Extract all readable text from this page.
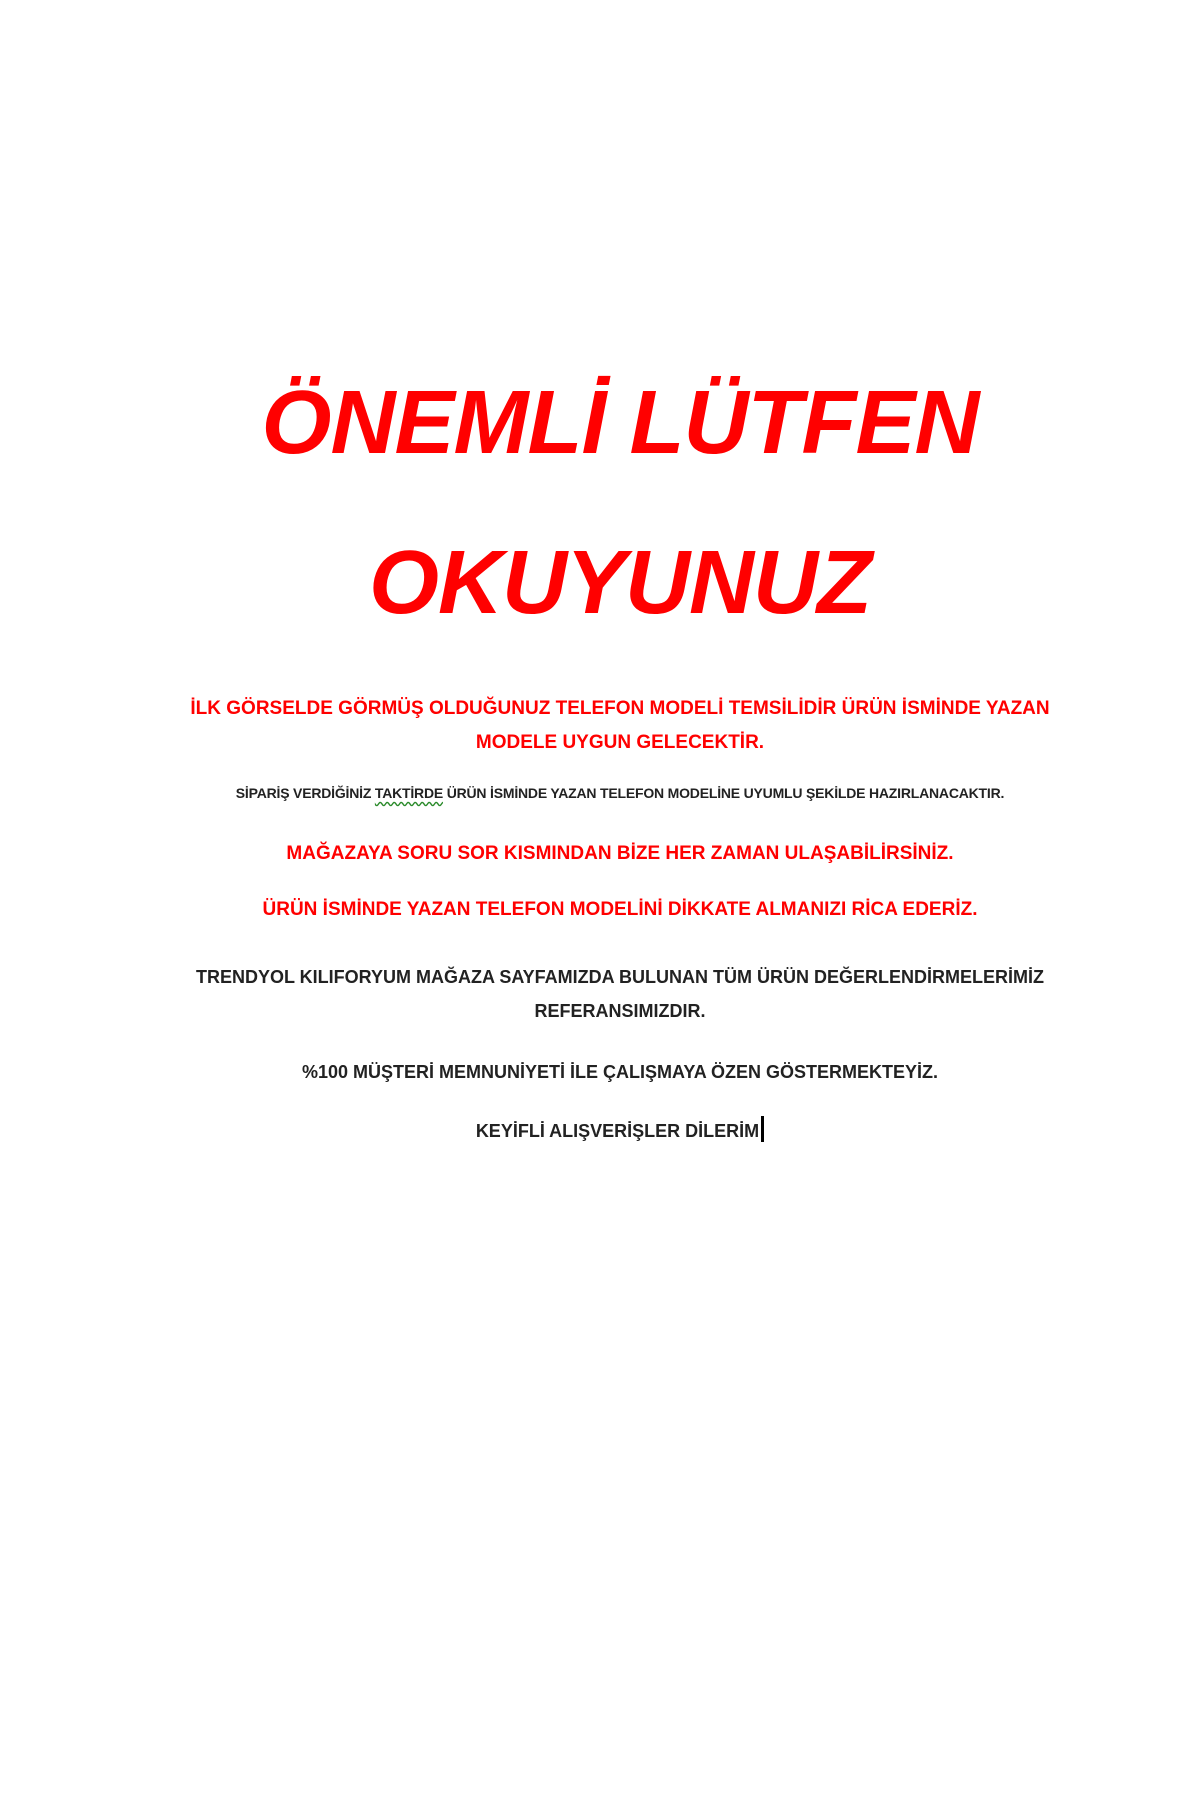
ÖNEMLİ LÜTFEN
OKUYUNUZ

İLK GÖRSELDE GÖRMÜŞ OLDUĞUNUZ TELEFON MODELİ TEMSİLİDİR ÜRÜN İSMİNDE YAZAN
MODELE UYGUN GELECEKTİR.

SİPARİŞ VERDİĞİNİZ TAKTİRDE ÜRÜN İSMİNDE YAZAN TELEFON MODELİNE UYUMLU ŞEKİLDE HAZIRLANACAKTIR.

MAĞAZAYA SORU SOR KISMINDAN BİZE HER ZAMAN ULAŞABİLİRSİNİZ.

ÜRÜN İSMİNDE YAZAN TELEFON MODELİNİ DİKKATE ALMANIZI RİCA EDERİZ.

TRENDYOL KILIFORYUM MAĞAZA SAYFAMIZDA BULUNAN TÜM ÜRÜN DEĞERLENDİRMELERİMİZ
REFERANSIMIZDIR.

%100 MÜŞTERİ MEMNUNİYETİ İLE ÇALIŞMAYA ÖZEN GÖSTERMEKTEYİZ.

KEYİFLİ ALIŞVERİŞLER DİLERİM
